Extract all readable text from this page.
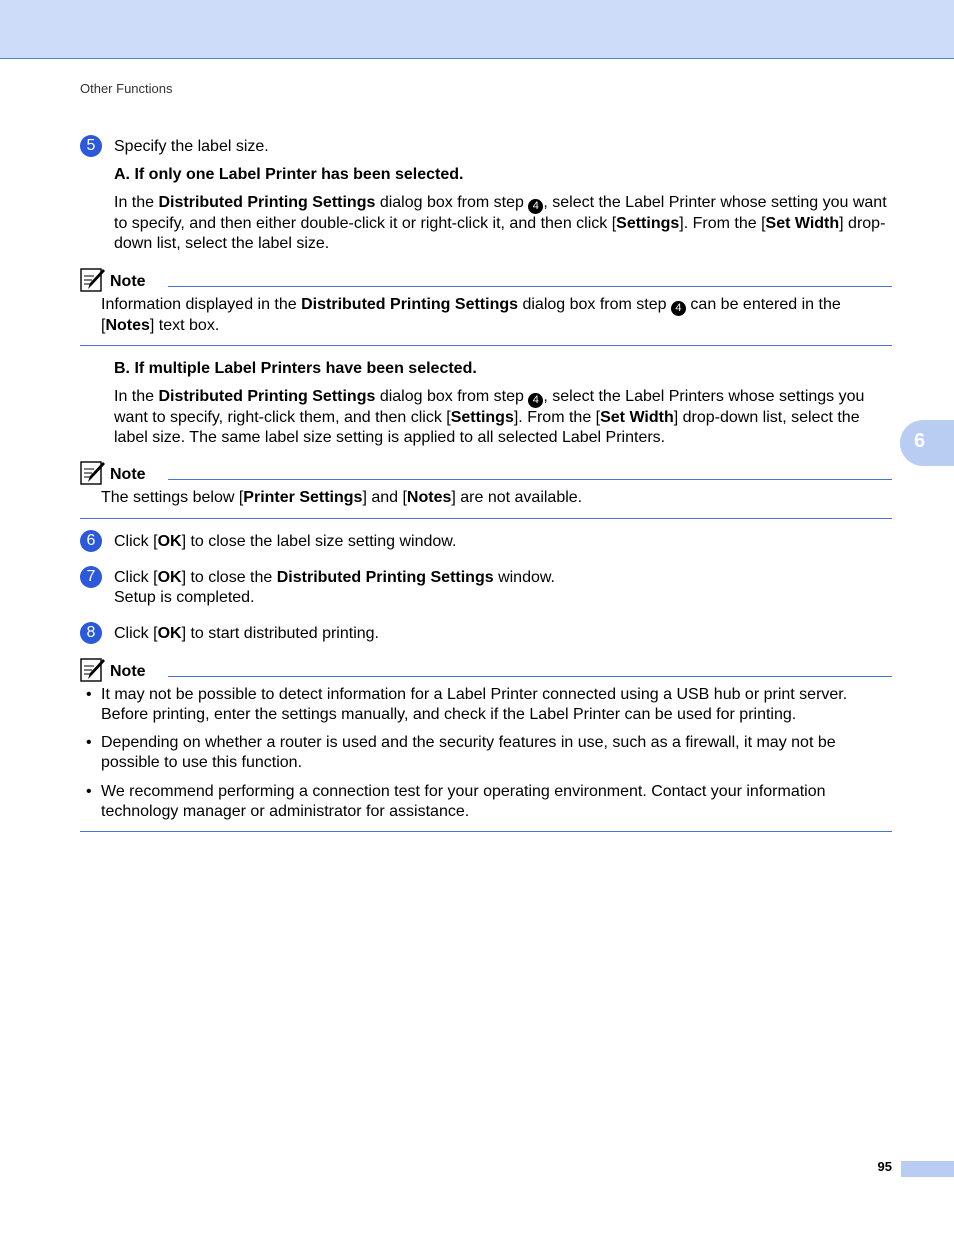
Other Functions
6
5	Specify the label size.
A. If only one Label Printer has been selected.
In the Distributed Printing Settings dialog box from step 4 , select the Label Printer whose setting you want to specify, and then either double-click it or right-click it, and then click [Settings]. From the [Set Width] drop-down list, select the label size.
Note
Information displayed in the Distributed Printing Settings dialog box from step 4 can be entered in the [Notes] text box.
B. If multiple Label Printers have been selected.
In the Distributed Printing Settings dialog box from step 4 , select the Label Printers whose settings you want to specify, right-click them, and then click [Settings]. From the [Set Width] drop-down list, select the label size. The same label size setting is applied to all selected Label Printers.
Note
The settings below [Printer Settings] and [Notes] are not available.
6	Click [OK] to close the label size setting window.
7	Click [OK] to close the Distributed Printing Settings window.
Setup is completed.
8	Click [OK] to start distributed printing.
Note
• It may not be possible to detect information for a Label Printer connected using a USB hub or print server. Before printing, enter the settings manually, and check if the Label Printer can be used for printing.
• Depending on whether a router is used and the security features in use, such as a firewall, it may not be possible to use this function.
• We recommend performing a connection test for your operating environment. Contact your information technology manager or administrator for assistance.
95
